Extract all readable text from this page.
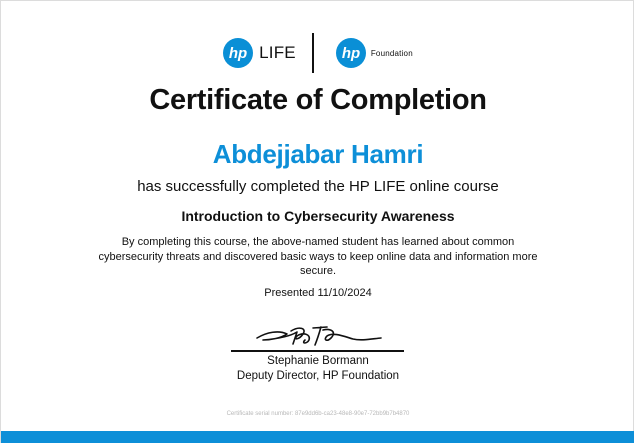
hp LIFE	hp Foundation
Certificate of Completion
Abdejjabar Hamri
has successfully completed the HP LIFE online course
Introduction to Cybersecurity Awareness
By completing this course, the above-named student has learned about common cybersecurity threats and discovered basic ways to keep online data and information more secure.
Presented 11/10/2024
Stephanie Bormann
Deputy Director, HP Foundation
Certificate serial number: 87e9dd6b-ca23-48e8-90e7-72bb9b7b4870
